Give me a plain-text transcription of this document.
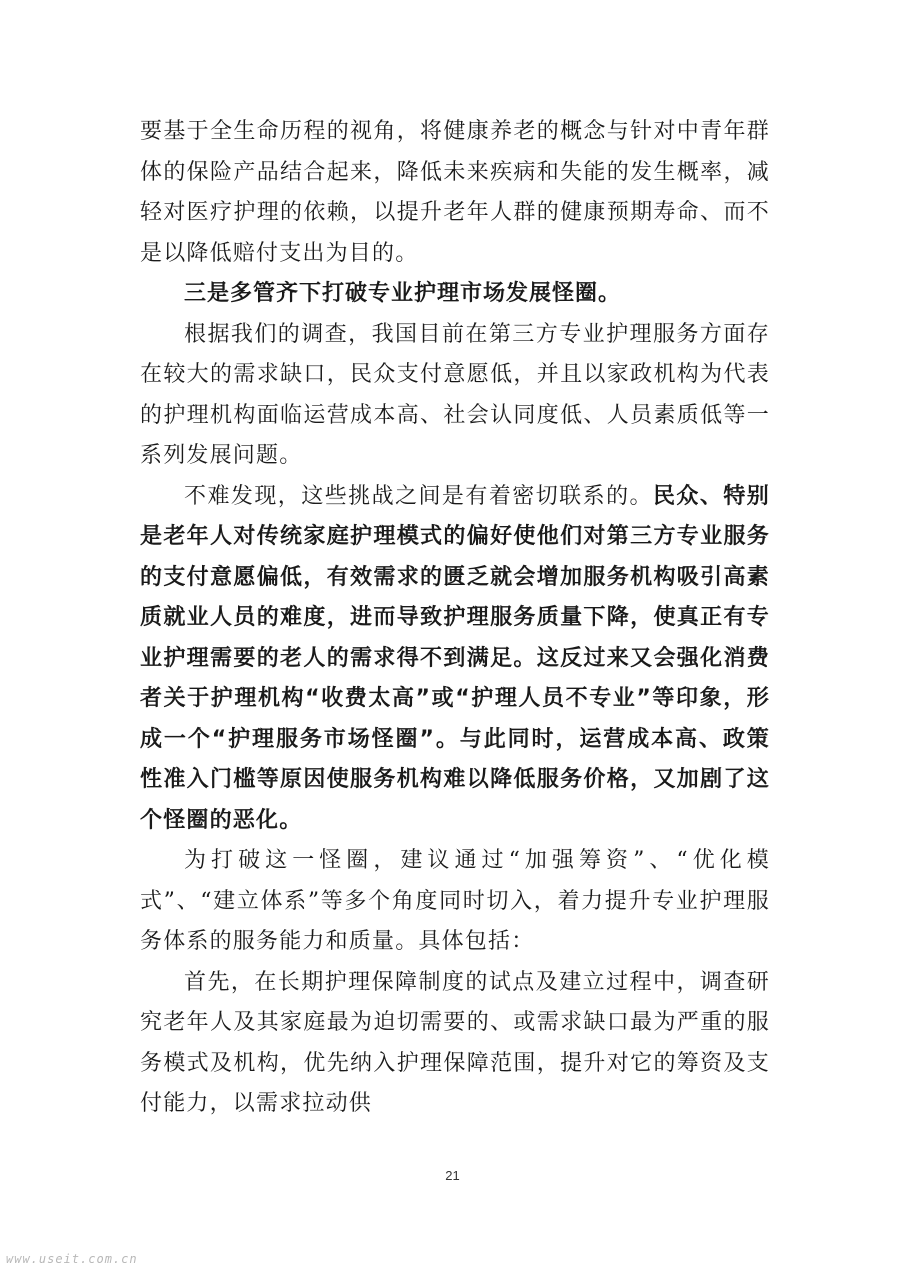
要基于全生命历程的视角，将健康养老的概念与针对中青年群体的保险产品结合起来，降低未来疾病和失能的发生概率，减轻对医疗护理的依赖，以提升老年人群的健康预期寿命、而不是以降低赔付支出为目的。

三是多管齐下打破专业护理市场发展怪圈。

根据我们的调查，我国目前在第三方专业护理服务方面存在较大的需求缺口，民众支付意愿低，并且以家政机构为代表的护理机构面临运营成本高、社会认同度低、人员素质低等一系列发展问题。

不难发现，这些挑战之间是有着密切联系的。民众、特别是老年人对传统家庭护理模式的偏好使他们对第三方专业服务的支付意愿偏低，有效需求的匮乏就会增加服务机构吸引高素质就业人员的难度，进而导致护理服务质量下降，使真正有专业护理需要的老人的需求得不到满足。这反过来又会强化消费者关于护理机构“收费太高”或“护理人员不专业”等印象，形成一个“护理服务市场怪圈”。与此同时，运营成本高、政策性准入门槛等原因使服务机构难以降低服务价格，又加剧了这个怪圈的恶化。

为打破这一怪圈，建议通过“加强筹资”、“优化模式”、“建立体系”等多个角度同时切入，着力提升专业护理服务体系的服务能力和质量。具体包括：

首先，在长期护理保障制度的试点及建立过程中，调查研究老年人及其家庭最为迫切需要的、或需求缺口最为严重的服务模式及机构，优先纳入护理保障范围，提升对它的筹资及支付能力，以需求拉动供

21
www.useit.com.cn
